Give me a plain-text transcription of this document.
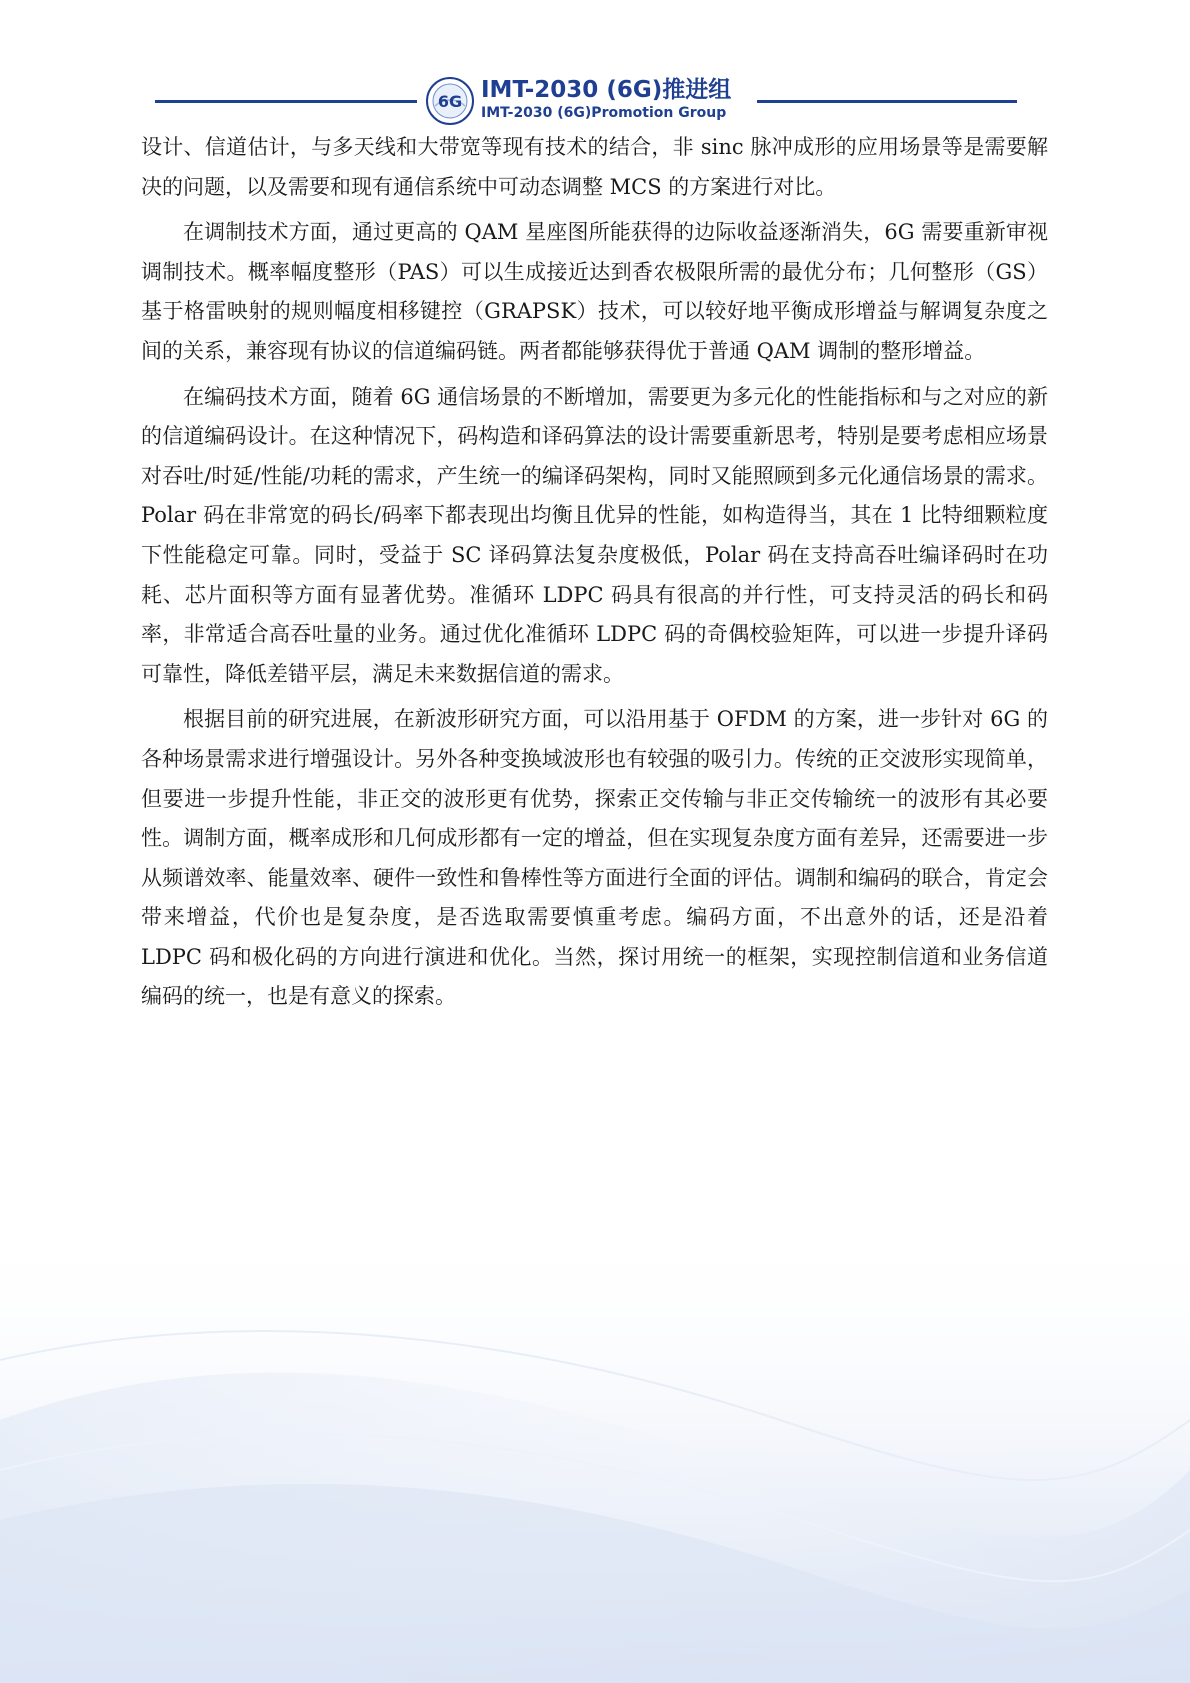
6G IMT-2030 (6G)推进组
IMT-2030 (6G)Promotion Group

设计、信道估计，与多天线和大带宽等现有技术的结合，非 sinc 脉冲成形的应用场景等是需要解决的问题，以及需要和现有通信系统中可动态调整 MCS 的方案进行对比。

在调制技术方面，通过更高的 QAM 星座图所能获得的边际收益逐渐消失，6G 需要重新审视调制技术。概率幅度整形（PAS）可以生成接近达到香农极限所需的最优分布；几何整形（GS）基于格雷映射的规则幅度相移键控（GRAPSK）技术，可以较好地平衡成形增益与解调复杂度之间的关系，兼容现有协议的信道编码链。两者都能够获得优于普通 QAM 调制的整形增益。

在编码技术方面，随着 6G 通信场景的不断增加，需要更为多元化的性能指标和与之对应的新的信道编码设计。在这种情况下，码构造和译码算法的设计需要重新思考，特别是要考虑相应场景对吞吐/时延/性能/功耗的需求，产生统一的编译码架构，同时又能照顾到多元化通信场景的需求。Polar 码在非常宽的码长/码率下都表现出均衡且优异的性能，如构造得当，其在 1 比特细颗粒度下性能稳定可靠。同时，受益于 SC 译码算法复杂度极低，Polar 码在支持高吞吐编译码时在功耗、芯片面积等方面有显著优势。准循环 LDPC 码具有很高的并行性，可支持灵活的码长和码率，非常适合高吞吐量的业务。通过优化准循环 LDPC 码的奇偶校验矩阵，可以进一步提升译码可靠性，降低差错平层，满足未来数据信道的需求。

根据目前的研究进展，在新波形研究方面，可以沿用基于 OFDM 的方案，进一步针对 6G 的各种场景需求进行增强设计。另外各种变换域波形也有较强的吸引力。传统的正交波形实现简单，但要进一步提升性能，非正交的波形更有优势，探索正交传输与非正交传输统一的波形有其必要性。调制方面，概率成形和几何成形都有一定的增益，但在实现复杂度方面有差异，还需要进一步从频谱效率、能量效率、硬件一致性和鲁棒性等方面进行全面的评估。调制和编码的联合，肯定会带来增益，代价也是复杂度，是否选取需要慎重考虑。编码方面，不出意外的话，还是沿着 LDPC 码和极化码的方向进行演进和优化。当然，探讨用统一的框架，实现控制信道和业务信道编码的统一，也是有意义的探索。
